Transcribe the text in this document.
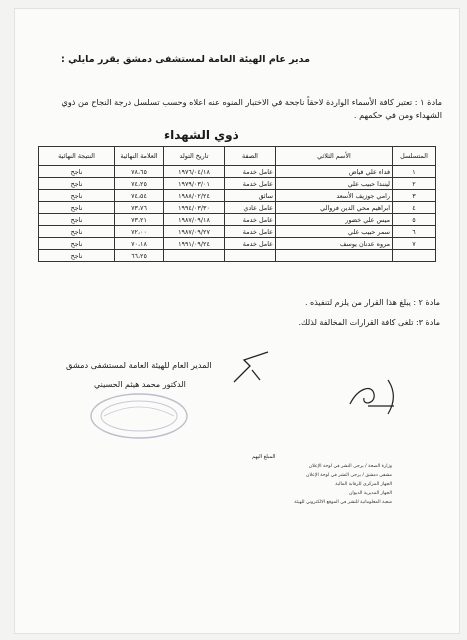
مدير عام الهيئة العامة لمستشفى دمشق يقرر مايلي :
مادة ١ : تعتبر كافة الأسماء الواردة لاحقاً ناجحة في الاختبار المنوه عنه اعلاه وحسب تسلسل درجة النجاح من ذوي الشهداء ومن في حكمهم .
ذوي الشهداء
المتسلسل	الأسم الثلاثي	الصفة	تاريخ التولد	العلامة النهائية	النتيجة النهائية
١	فداء علي فياض	عامل خدمة	١٩٧٦/٠٤/١٨	٧٨،٦٥	ناجح
٢	لينندا حبيب علي	عامل خدمة	١٩٧٩/٠٣/٠١	٧٤،٢٥	ناجح
٣	رامي جوزيف الأسعد	سائق	١٩٨٨/٠٢/٢٤	٧٤،٥٤	ناجح
٤	ابراهيم محي الدين فروالي	عامل عادي	١٩٩٤/٠٣/٣٠	٧٣،٧٦	ناجح
٥	ميس علي خضور	عامل خدمة	١٩٨٧/٠٩/١٨	٧٣،٢١	ناجح
٦	سمر حبيب علي	عامل خدمة	١٩٨٧/٠٩/٢٧	٧٢،٠٠	ناجح
٧	مروه عدنان يوسف	عامل خدمة	١٩٩١/٠٩/٢٤	٧٠،١٨	ناجح
				٦٦،٢٥	ناجح
مادة ٢ : يبلغ هذا القرار من يلزم لتنفيذه .
مادة ٣: تلغى كافة القرارات المخالفة لذلك.
المدير العام للهيئة العامة لمستشفى دمشق
الدكتور محمد هيثم الحسيني
المبلغ اليهم
وزارة الصحة / يرجى النشر في لوحة الإعلان
مشفى دمشق / يرجى النشر في لوحة الإعلان
الجهاز المركزي للرقابة المالية
الجهاز المديرية الديوان
شعبة المعلوماتية للنشر في الموقع الالكتروني للهيئة
